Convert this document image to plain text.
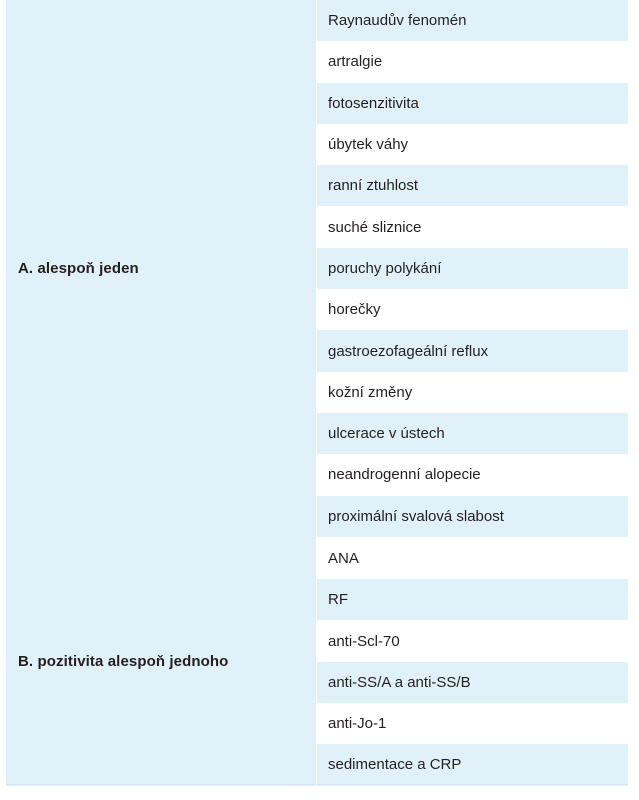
A. alespoň jeden	Raynaudův fenomén
	artralgie
	fotosenzitivita
	úbytek váhy
	ranní ztuhlost
	suché sliznice
	poruchy polykání
	horečky
	gastroezofageální reflux
	kožní změny
	ulcerace v ústech
	neandrogenní alopecie
	proximální svalová slabost
B. pozitivita alespoň jednoho	ANA
	RF
	anti-Scl-70
	anti-SS/A a anti-SS/B
	anti-Jo-1
	sedimentace a CRP
